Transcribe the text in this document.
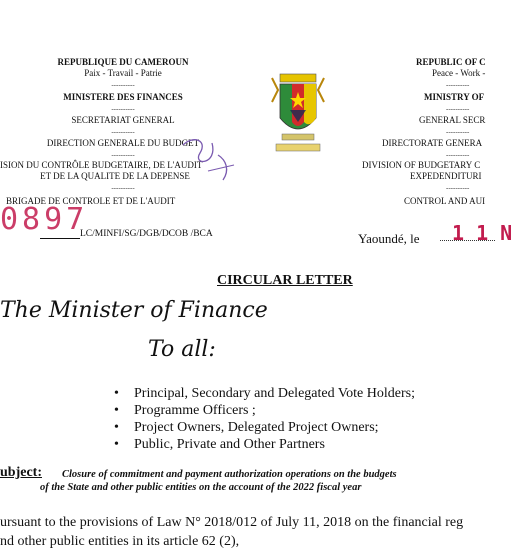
REPUBLIQUE DU CAMEROUN
Paix - Travail - Patrie
----------
MINISTERE DES FINANCES
----------
SECRETARIAT GENERAL
----------
DIRECTION GENERALE DU BUDGET
----------
ISION DU CONTRÔLE BUDGETAIRE, DE L'AUDIT
ET DE LA QUALITE DE LA DEPENSE
----------
BRIGADE DE CONTROLE ET DE L'AUDIT
0897
LC/MINFI/SG/DGB/DCOB /BCA
REPUBLIC OF C
Peace - Work -
----------
MINISTRY OF
----------
GENERAL SECR
----------
DIRECTORATE GENERA
----------
DIVISION OF BUDGETARY C
EXPEDENDITURI
----------
CONTROL AND AUI
Yaoundé, le 1 1 N
CIRCULAR LETTER
The Minister of Finance
To all:
• Principal, Secondary and Delegated Vote Holders;
• Programme Officers ;
• Project Owners, Delegated Project Owners;
• Public, Private and Other Partners
ubject: Closure of commitment and payment authorization operations on the budgets
of the State and other public entities on the account of the 2022 fiscal year
ursuant to the provisions of Law N° 2018/012 of July 11, 2018 on the financial reg
nd other public entities in its article 62 (2),
